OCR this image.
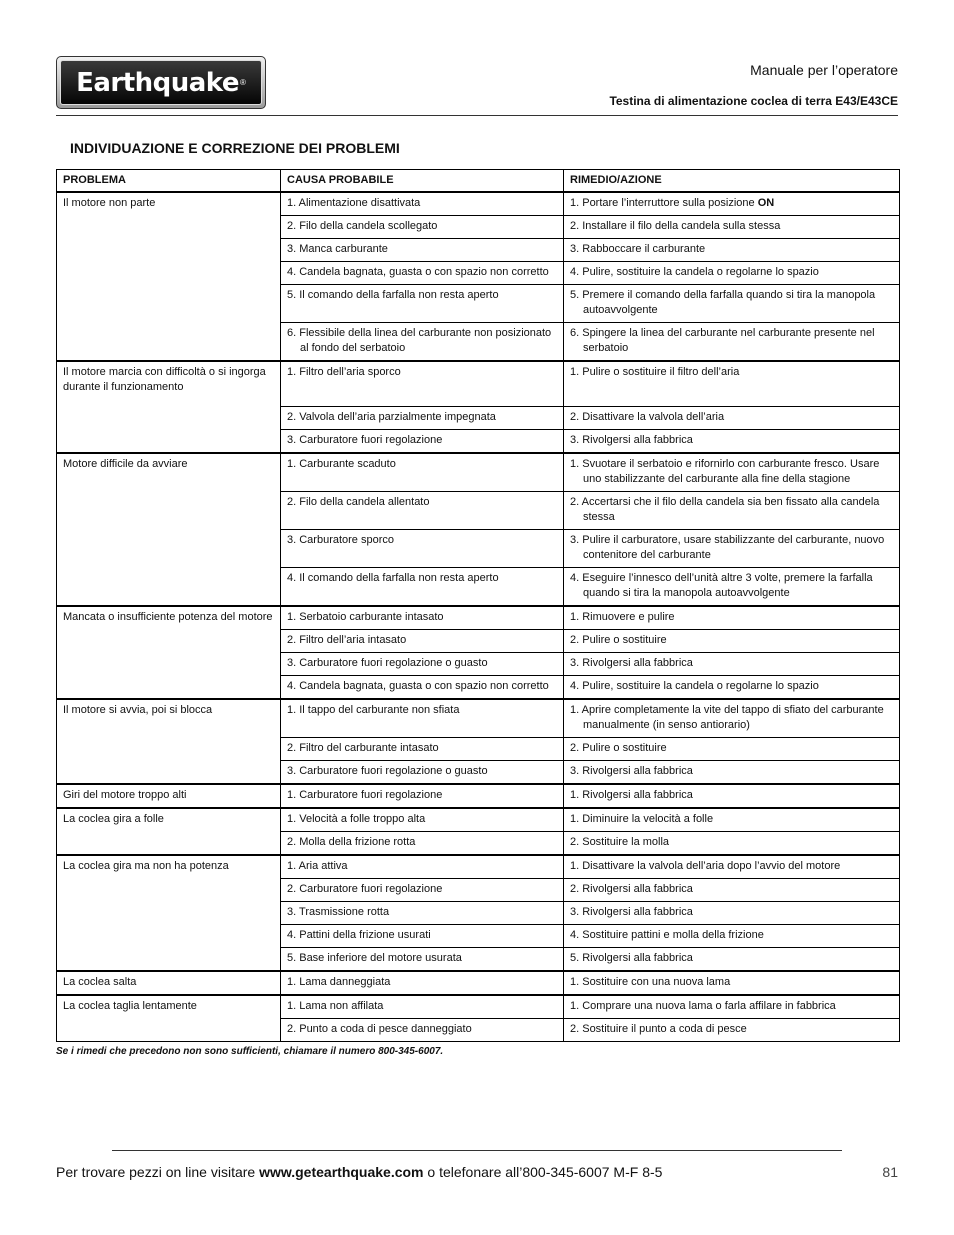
Earthquake ®
Manuale per l’operatore
Testina di alimentazione coclea di terra E43/E43CE
INDIVIDUAZIONE E CORREZIONE DEI PROBLEMI
PROBLEMA	CAUSA PROBABILE	RIMEDIO/AZIONE
Il motore non parte	1. Alimentazione disattivata	1. Portare l’interruttore sulla posizione ON
	2. Filo della candela scollegato	2. Installare il filo della candela sulla stessa
	3. Manca carburante	3. Rabboccare il carburante
	4. Candela bagnata, guasta o con spazio non corretto	4. Pulire, sostituire la candela o regolarne lo spazio
	5. Il comando della farfalla non resta aperto	5. Premere il comando della farfalla quando si tira la manopola autoavvolgente
	6. Flessibile della linea del carburante non posizionato al fondo del serbatoio	6. Spingere la linea del carburante nel carburante presente nel serbatoio
Il motore marcia con difficoltà o si ingorga durante il funzionamento	1. Filtro dell’aria sporco	1. Pulire o sostituire il filtro dell’aria
	2. Valvola dell’aria parzialmente impegnata	2. Disattivare la valvola dell’aria
	3. Carburatore fuori regolazione	3. Rivolgersi alla fabbrica
Motore difficile da avviare	1. Carburante scaduto	1. Svuotare il serbatoio e rifornirlo con carburante fresco. Usare uno stabilizzante del carburante alla fine della stagione
	2. Filo della candela allentato	2. Accertarsi che il filo della candela sia ben fissato alla candela stessa
	3. Carburatore sporco	3. Pulire il carburatore, usare stabilizzante del carburante, nuovo contenitore del carburante
	4. Il comando della farfalla non resta aperto	4. Eseguire l’innesco dell’unità altre 3 volte, premere la farfalla quando si tira la manopola autoavvolgente
Mancata o insufficiente potenza del motore	1. Serbatoio carburante intasato	1. Rimuovere e pulire
	2. Filtro dell’aria intasato	2. Pulire o sostituire
	3. Carburatore fuori regolazione o guasto	3. Rivolgersi alla fabbrica
	4. Candela bagnata, guasta o con spazio non corretto	4. Pulire, sostituire la candela o regolarne lo spazio
Il motore si avvia, poi si blocca	1. Il tappo del carburante non sfiata	1. Aprire completamente la vite del tappo di sfiato del carburante manualmente (in senso antiorario)
	2. Filtro del carburante intasato	2. Pulire o sostituire
	3. Carburatore fuori regolazione o guasto	3. Rivolgersi alla fabbrica
Giri del motore troppo alti	1. Carburatore fuori regolazione	1. Rivolgersi alla fabbrica
La coclea gira a folle	1. Velocità a folle troppo alta	1. Diminuire la velocità a folle
	2. Molla della frizione rotta	2. Sostituire la molla
La coclea gira ma non ha potenza	1. Aria attiva	1. Disattivare la valvola dell’aria dopo l’avvio del motore
	2. Carburatore fuori regolazione	2. Rivolgersi alla fabbrica
	3. Trasmissione rotta	3. Rivolgersi alla fabbrica
	4. Pattini della frizione usurati	4. Sostituire pattini e molla della frizione
	5. Base inferiore del motore usurata	5. Rivolgersi alla fabbrica
La coclea salta	1. Lama danneggiata	1. Sostituire con una nuova lama
La coclea taglia lentamente	1. Lama non affilata	1. Comprare una nuova lama o farla affilare in fabbrica
	2. Punto a coda di pesce danneggiato	2. Sostituire il punto a coda di pesce
Se i rimedi che precedono non sono sufficienti, chiamare il numero 800-345-6007.
Per trovare pezzi on line visitare www.getearthquake.com o telefonare all’800-345-6007 M-F 8-5	81
